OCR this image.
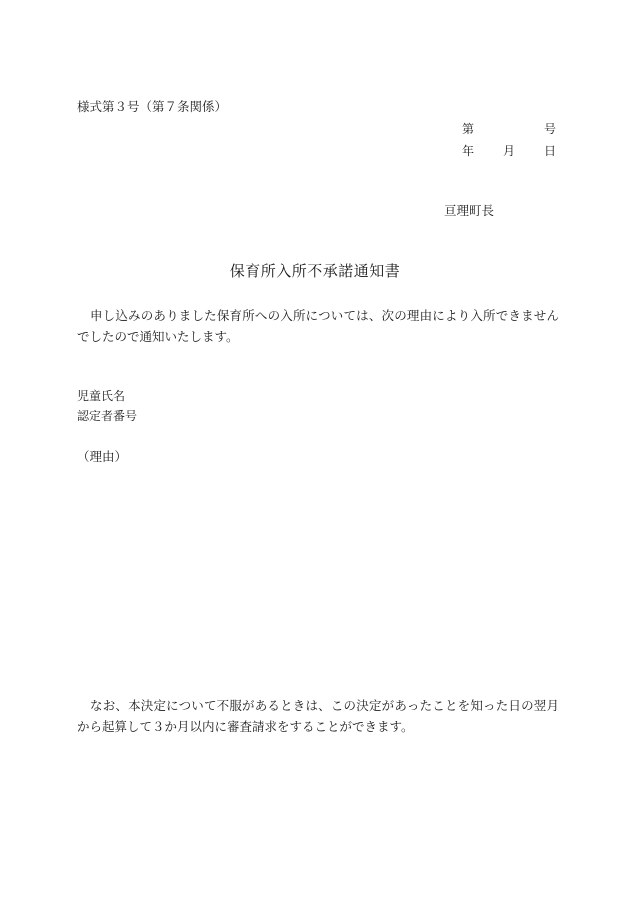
様式第３号（第７条関係）
第	号
年 月 日
亘理町長
保育所入所不承諾通知書
申し込みのありました保育所への入所については、次の理由により入所できませんでしたので通知いたします。
児童氏名
認定者番号
（理由）
なお、本決定について不服があるときは、この決定があったことを知った日の翌月から起算して３か月以内に審査請求をすることができます。
